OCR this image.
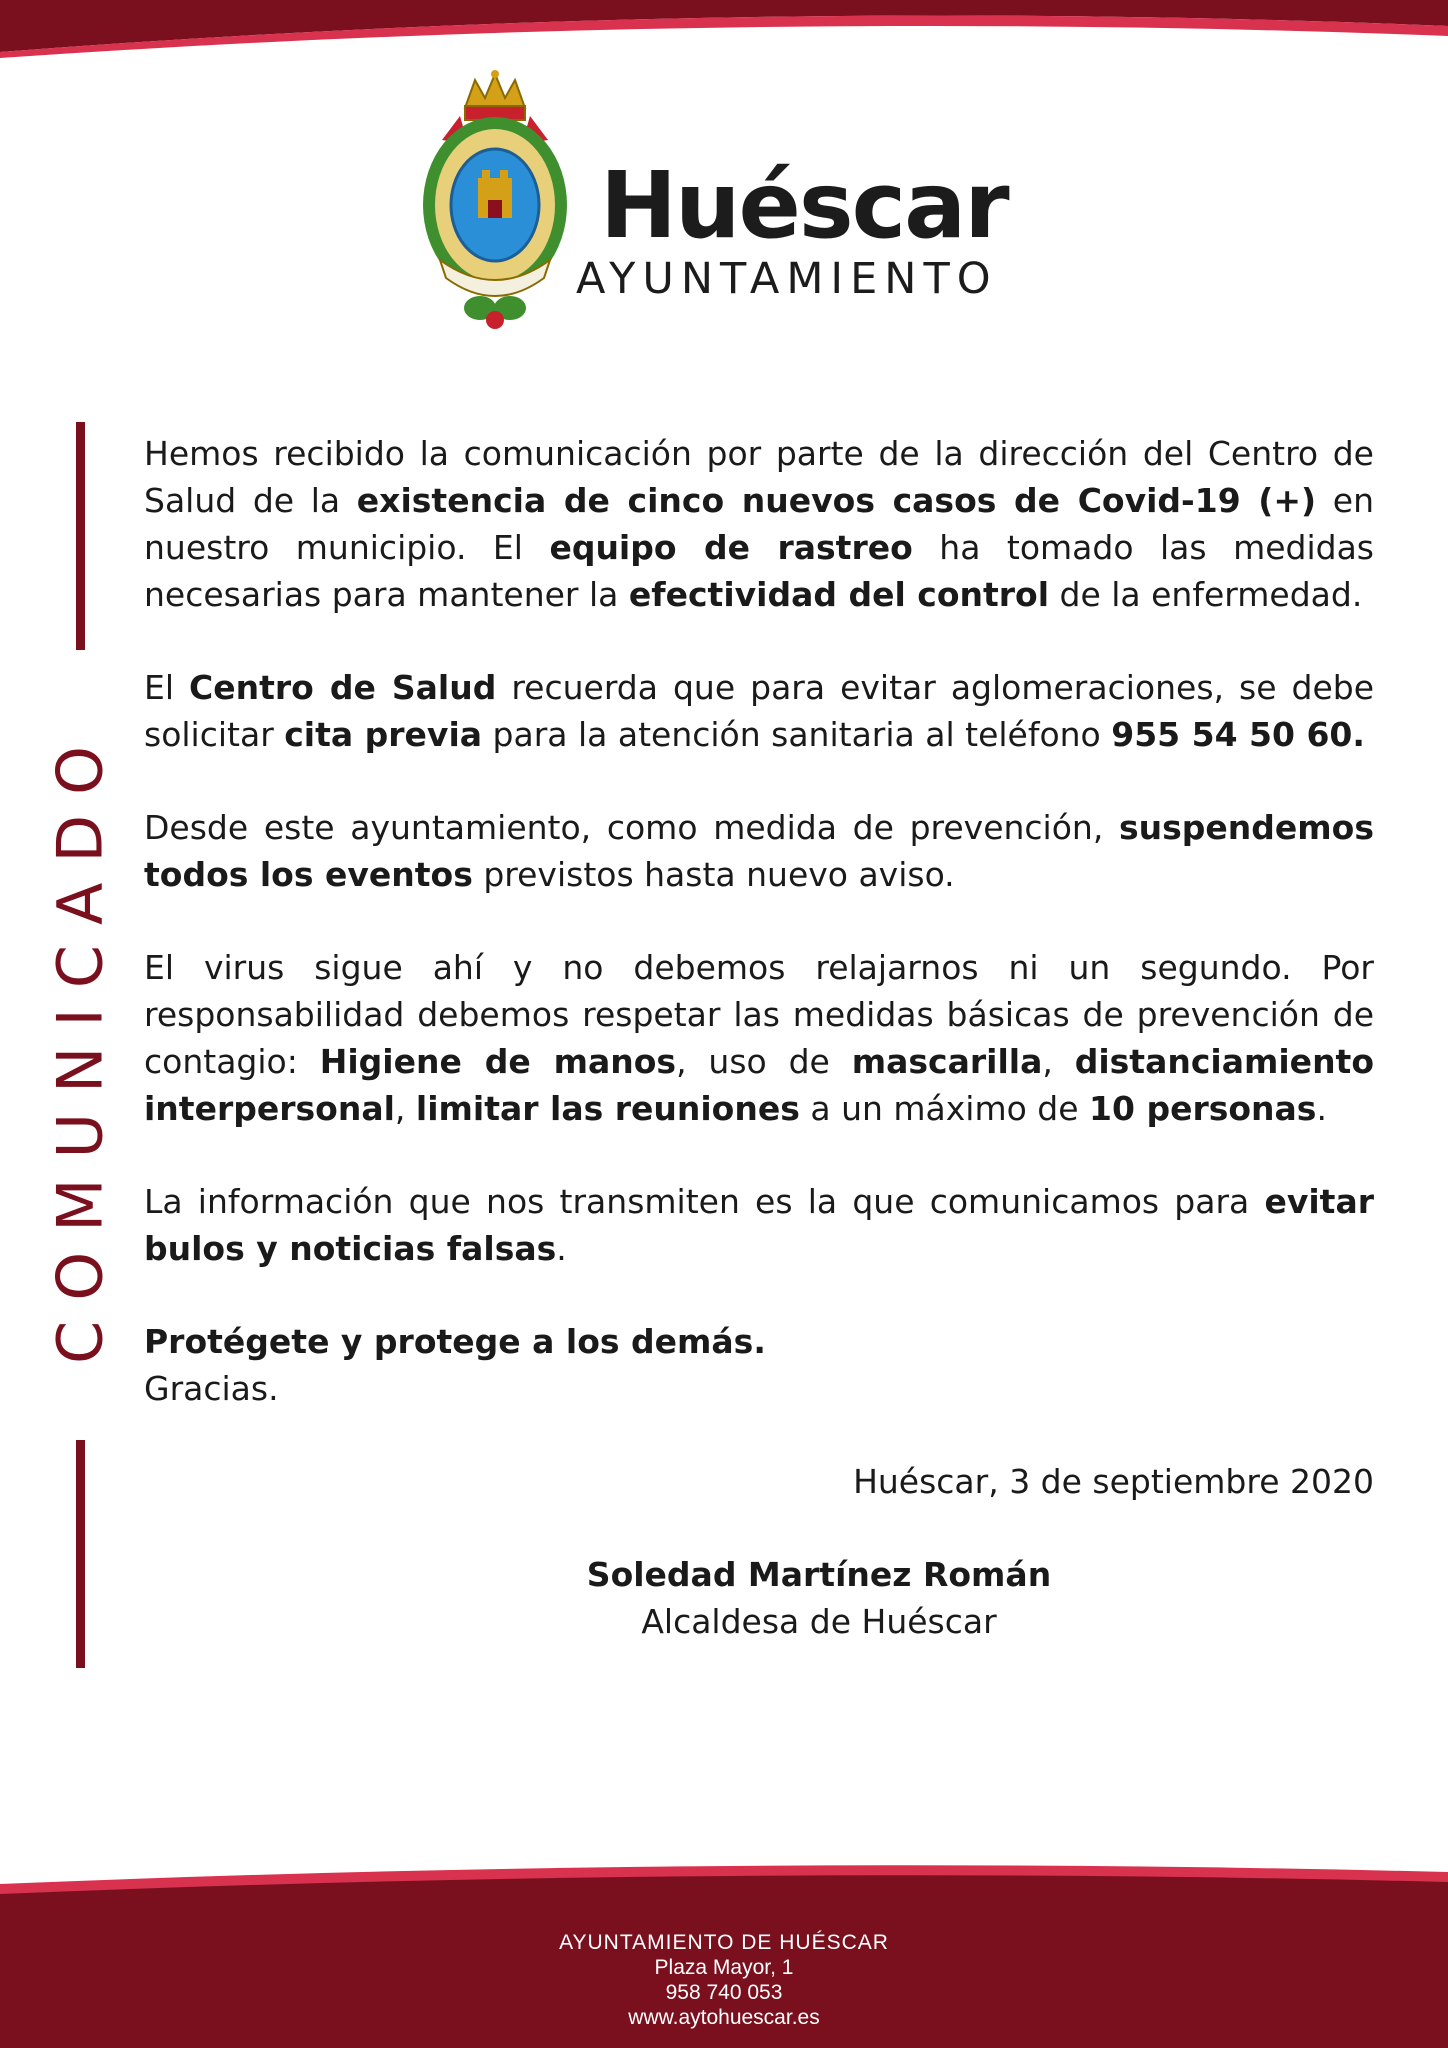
Huéscar
AYUNTAMIENTO
COMUNICADO

Hemos recibido la comunicación por parte de la dirección del Centro de Salud de la existencia de cinco nuevos casos de Covid-19 (+) en nuestro municipio. El equipo de rastreo ha tomado las medidas necesarias para mantener la efectividad del control de la enfermedad.

El Centro de Salud recuerda que para evitar aglomeraciones, se debe solicitar cita previa para la atención sanitaria al teléfono 955 54 50 60.

Desde este ayuntamiento, como medida de prevención, suspendemos todos los eventos previstos hasta nuevo aviso.

El virus sigue ahí y no debemos relajarnos ni un segundo. Por responsabilidad debemos respetar las medidas básicas de prevención de contagio: Higiene de manos, uso de mascarilla, distanciamiento interpersonal, limitar las reuniones a un máximo de 10 personas.

La información que nos transmiten es la que comunicamos para evitar bulos y noticias falsas.

Protégete y protege a los demás.
Gracias.

Huéscar, 3 de septiembre 2020
Soledad Martínez Román
Alcaldesa de Huéscar
AYUNTAMIENTO DE HUÉSCAR
Plaza Mayor, 1
958 740 053
www.aytohuescar.es
